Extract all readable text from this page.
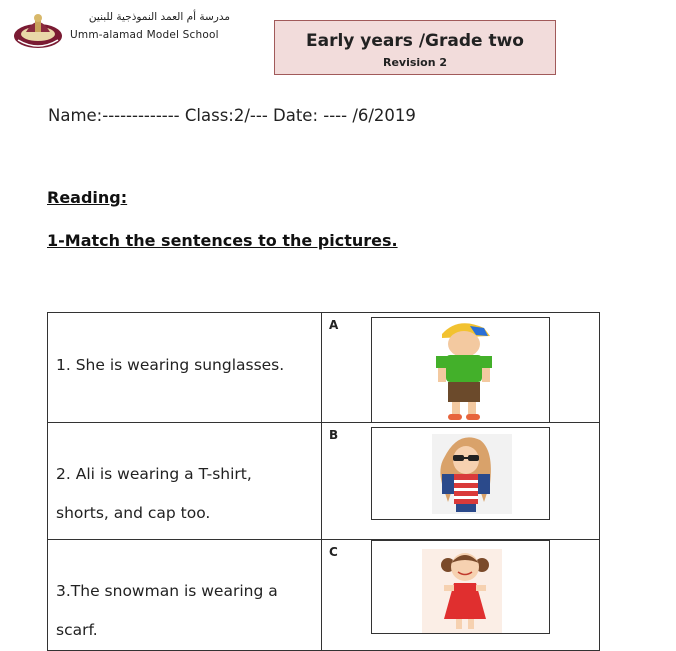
مدرسة أم العمد النموذجية للبنين
Umm-alamad Model School	Early years /Grade two
Revision 2
Name:------------- Class:2/--- Date: ---- /6/2019
Reading:
1-Match the sentences to the pictures.
1. She is wearing sunglasses.	A

2. Ali is wearing a T-shirt,
shorts, and cap too.	B

3.The snowman is wearing a
scarf.	C
